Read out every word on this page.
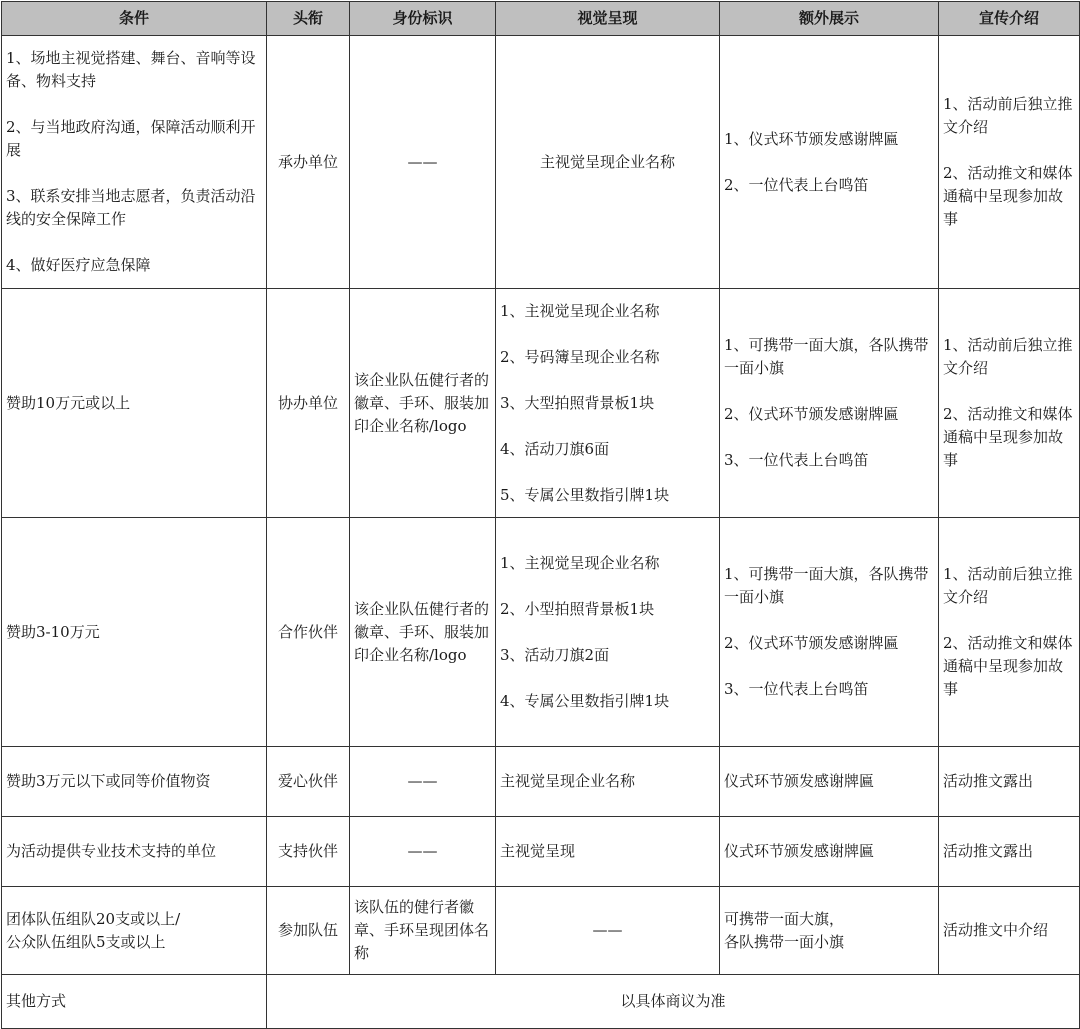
条件	头衔	身份标识	视觉呈现	额外展示	宣传介绍

1、场地主视觉搭建、舞台、音响等设备、物料支持
2、与当地政府沟通，保障活动顺利开展
3、联系安排当地志愿者，负责活动沿线的安全保障工作
4、做好医疗应急保障	承办单位	——	主视觉呈现企业名称	1、仪式环节颁发感谢牌匾
2、一位代表上台鸣笛	1、活动前后独立推文介绍
2、活动推文和媒体通稿中呈现参加故事

赞助10万元或以上	协办单位	该企业队伍健行者的徽章、手环、服装加印企业名称/logo	1、主视觉呈现企业名称
2、号码簿呈现企业名称
3、大型拍照背景板1块
4、活动刀旗6面
5、专属公里数指引牌1块	1、可携带一面大旗，各队携带一面小旗
2、仪式环节颁发感谢牌匾
3、一位代表上台鸣笛	1、活动前后独立推文介绍
2、活动推文和媒体通稿中呈现参加故事

赞助3-10万元	合作伙伴	该企业队伍健行者的徽章、手环、服装加印企业名称/logo	1、主视觉呈现企业名称
2、小型拍照背景板1块
3、活动刀旗2面
4、专属公里数指引牌1块	1、可携带一面大旗，各队携带一面小旗
2、仪式环节颁发感谢牌匾
3、一位代表上台鸣笛	1、活动前后独立推文介绍
2、活动推文和媒体通稿中呈现参加故事

赞助3万元以下或同等价值物资	爱心伙伴	——	主视觉呈现企业名称	仪式环节颁发感谢牌匾	活动推文露出

为活动提供专业技术支持的单位	支持伙伴	——	主视觉呈现	仪式环节颁发感谢牌匾	活动推文露出

团体队伍组队20支或以上/
公众队伍组队5支或以上	参加队伍	该队伍的健行者徽章、手环呈现团体名称	——	可携带一面大旗，
各队携带一面小旗	活动推文中介绍

其他方式	以具体商议为准				
